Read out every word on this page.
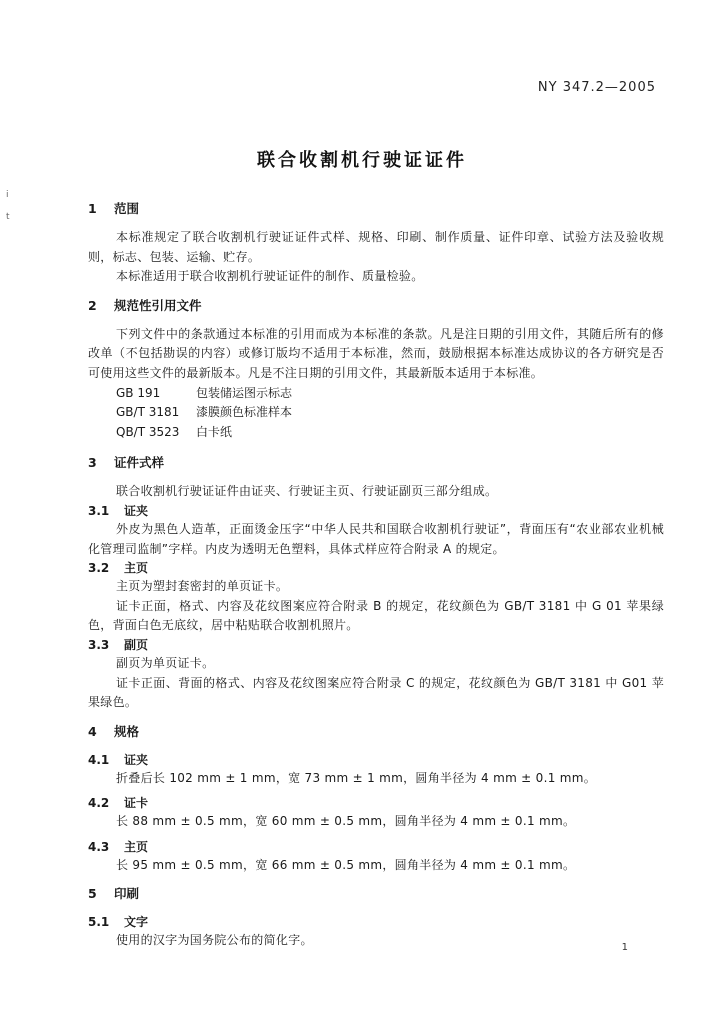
NY 347.2—2005
联合收割机行驶证证件
i
t
1 范围

本标准规定了联合收割机行驶证证件式样、规格、印刷、制作质量、证件印章、试验方法及验收规则，标志、包装、运输、贮存。

本标准适用于联合收割机行驶证证件的制作、质量检验。

2 规范性引用文件

下列文件中的条款通过本标准的引用而成为本标准的条款。凡是注日期的引用文件，其随后所有的修改单（不包括勘误的内容）或修订版均不适用于本标准，然而，鼓励根据本标准达成协议的各方研究是否可使用这些文件的最新版本。凡是不注日期的引用文件，其最新版本适用于本标准。

GB 191	包装储运图示标志
GB/T 3181 漆膜颜色标准样本
QB/T 3523 白卡纸
3 证件式样

联合收割机行驶证证件由证夹、行驶证主页、行驶证副页三部分组成。

3.1 证夹

外皮为黑色人造革，正面烫金压字“中华人民共和国联合收割机行驶证”，背面压有“农业部农业机械化管理司监制”字样。内皮为透明无色塑料，具体式样应符合附录 A 的规定。

3.2 主页

主页为塑封套密封的单页证卡。

证卡正面，格式、内容及花纹图案应符合附录 B 的规定，花纹颜色为 GB/T 3181 中 G 01 苹果绿色，背面白色无底纹，居中粘贴联合收割机照片。

3.3 副页

副页为单页证卡。

证卡正面、背面的格式、内容及花纹图案应符合附录 C 的规定，花纹颜色为 GB/T 3181 中 G01 苹果绿色。

4 规格
4.1 证夹

折叠后长 102 mm ± 1 mm，宽 73 mm ± 1 mm，圆角半径为 4 mm ± 0.1 mm。

4.2 证卡

长 88 mm ± 0.5 mm，宽 60 mm ± 0.5 mm，圆角半径为 4 mm ± 0.1 mm。

4.3 主页

长 95 mm ± 0.5 mm，宽 66 mm ± 0.5 mm，圆角半径为 4 mm ± 0.1 mm。

5 印刷
5.1 文字

使用的汉字为国务院公布的简化字。

1
